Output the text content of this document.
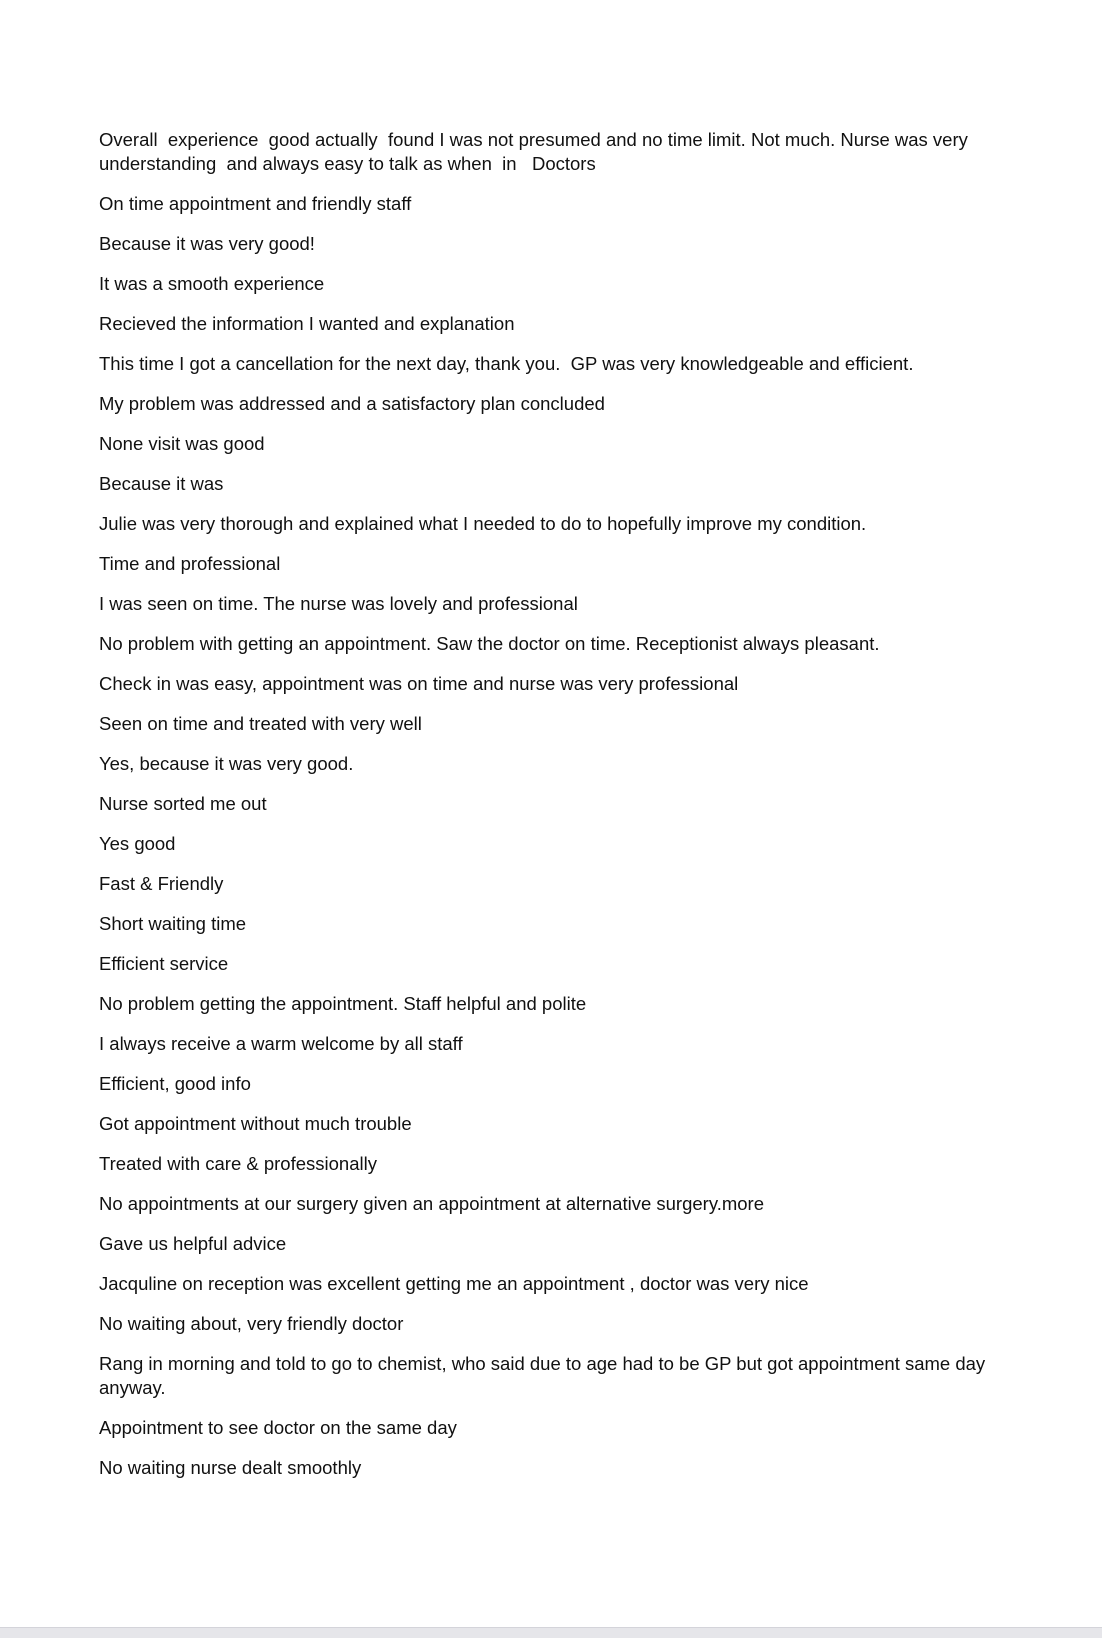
Overall  experience  good actually  found I was not presumed and no time limit. Not much. Nurse was very understanding  and always easy to talk as when  in   Doctors
On time appointment and friendly staff
Because it was very good!
It was a smooth experience
Recieved the information I wanted and explanation
This time I got a cancellation for the next day, thank you.  GP was very knowledgeable and efficient.
My problem was addressed and a satisfactory plan concluded
None visit was good
Because it was
Julie was very thorough and explained what I needed to do to hopefully improve my condition.
Time and professional
I was seen on time. The nurse was lovely and professional
No problem with getting an appointment. Saw the doctor on time. Receptionist always pleasant.
Check in was easy, appointment was on time and nurse was very professional
Seen on time and treated with very well
Yes, because it was very good.
Nurse sorted me out
Yes good
Fast & Friendly
Short waiting time
Efficient service
No problem getting the appointment. Staff helpful and polite
I always receive a warm welcome by all staff
Efficient, good info
Got appointment without much trouble
Treated with care & professionally
No appointments at our surgery given an appointment at alternative surgery.more
Gave us helpful advice
Jacquline on reception was excellent getting me an appointment , doctor was very nice
No waiting about, very friendly doctor
Rang in morning and told to go to chemist, who said due to age had to be GP but got appointment same day anyway.
Appointment to see doctor on the same day
No waiting nurse dealt smoothly
